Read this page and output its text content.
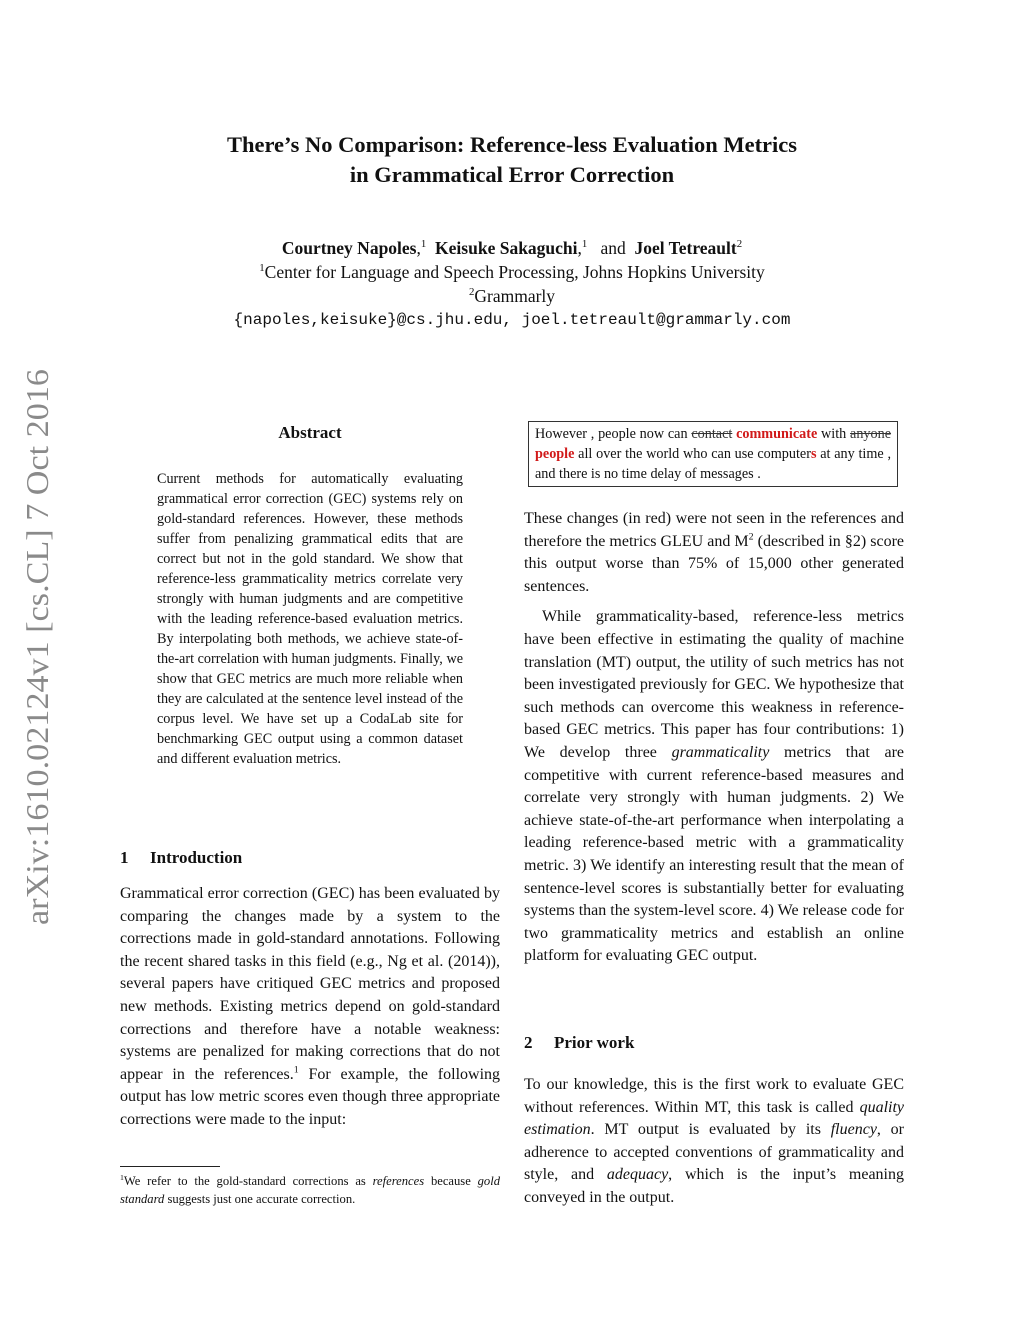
arXiv:1610.02124v1 [cs.CL] 7 Oct 2016
There’s No Comparison: Reference-less Evaluation Metrics
in Grammatical Error Correction
Courtney Napoles,$^1$ Keisuke Sakaguchi,$^1$ and Joel Tetreault$^2$
$^1$Center for Language and Speech Processing, Johns Hopkins University
$^2$Grammarly
{napoles,keisuke}@cs.jhu.edu, joel.tetreault@grammarly.com
Abstract
Current methods for automatically evaluating grammatical error correction (GEC) systems rely on gold-standard references. However, these methods suffer from penalizing grammatical edits that are correct but not in the gold standard. We show that reference-less grammaticality metrics correlate very strongly with human judgments and are competitive with the leading reference-based evaluation metrics. By interpolating both methods, we achieve state-of-the-art correlation with human judgments. Finally, we show that GEC metrics are much more reliable when they are calculated at the sentence level instead of the corpus level. We have set up a CodaLab site for benchmarking GEC output using a common dataset and different evaluation metrics.
1 Introduction
Grammatical error correction (GEC) has been evaluated by comparing the changes made by a system to the corrections made in gold-standard annotations. Following the recent shared tasks in this field (e.g., Ng et al. (2014)), several papers have critiqued GEC metrics and proposed new methods. Existing metrics depend on gold-standard corrections and therefore have a notable weakness: systems are penalized for making corrections that do not appear in the references.$^1$ For example, the following output has low metric scores even though three appropriate corrections were made to the input:
$^1$We refer to the gold-standard corrections as references because gold standard suggests just one accurate correction.
However , people now can contact communicate with anyone people all over the world who can use computers at any time , and there is no time delay of messages .

These changes (in red) were not seen in the references and therefore the metrics GLEU and $M^2$ (described in §2) score this output worse than 75% of 15,000 other generated sentences.

While grammaticality-based, reference-less metrics have been effective in estimating the quality of machine translation (MT) output, the utility of such metrics has not been investigated previously for GEC. We hypothesize that such methods can overcome this weakness in reference-based GEC metrics. This paper has four contributions: 1) We develop three grammaticality metrics that are competitive with current reference-based measures and correlate very strongly with human judgments. 2) We achieve state-of-the-art performance when interpolating a leading reference-based metric with a grammaticality metric. 3) We identify an interesting result that the mean of sentence-level scores is substantially better for evaluating systems than the system-level score. 4) We release code for two grammaticality metrics and establish an online platform for evaluating GEC output.

2 Prior work
To our knowledge, this is the first work to evaluate GEC without references. Within MT, this task is called quality estimation. MT output is evaluated by its fluency, or adherence to accepted conventions of grammaticality and style, and adequacy, which is the input’s meaning conveyed in the output.
